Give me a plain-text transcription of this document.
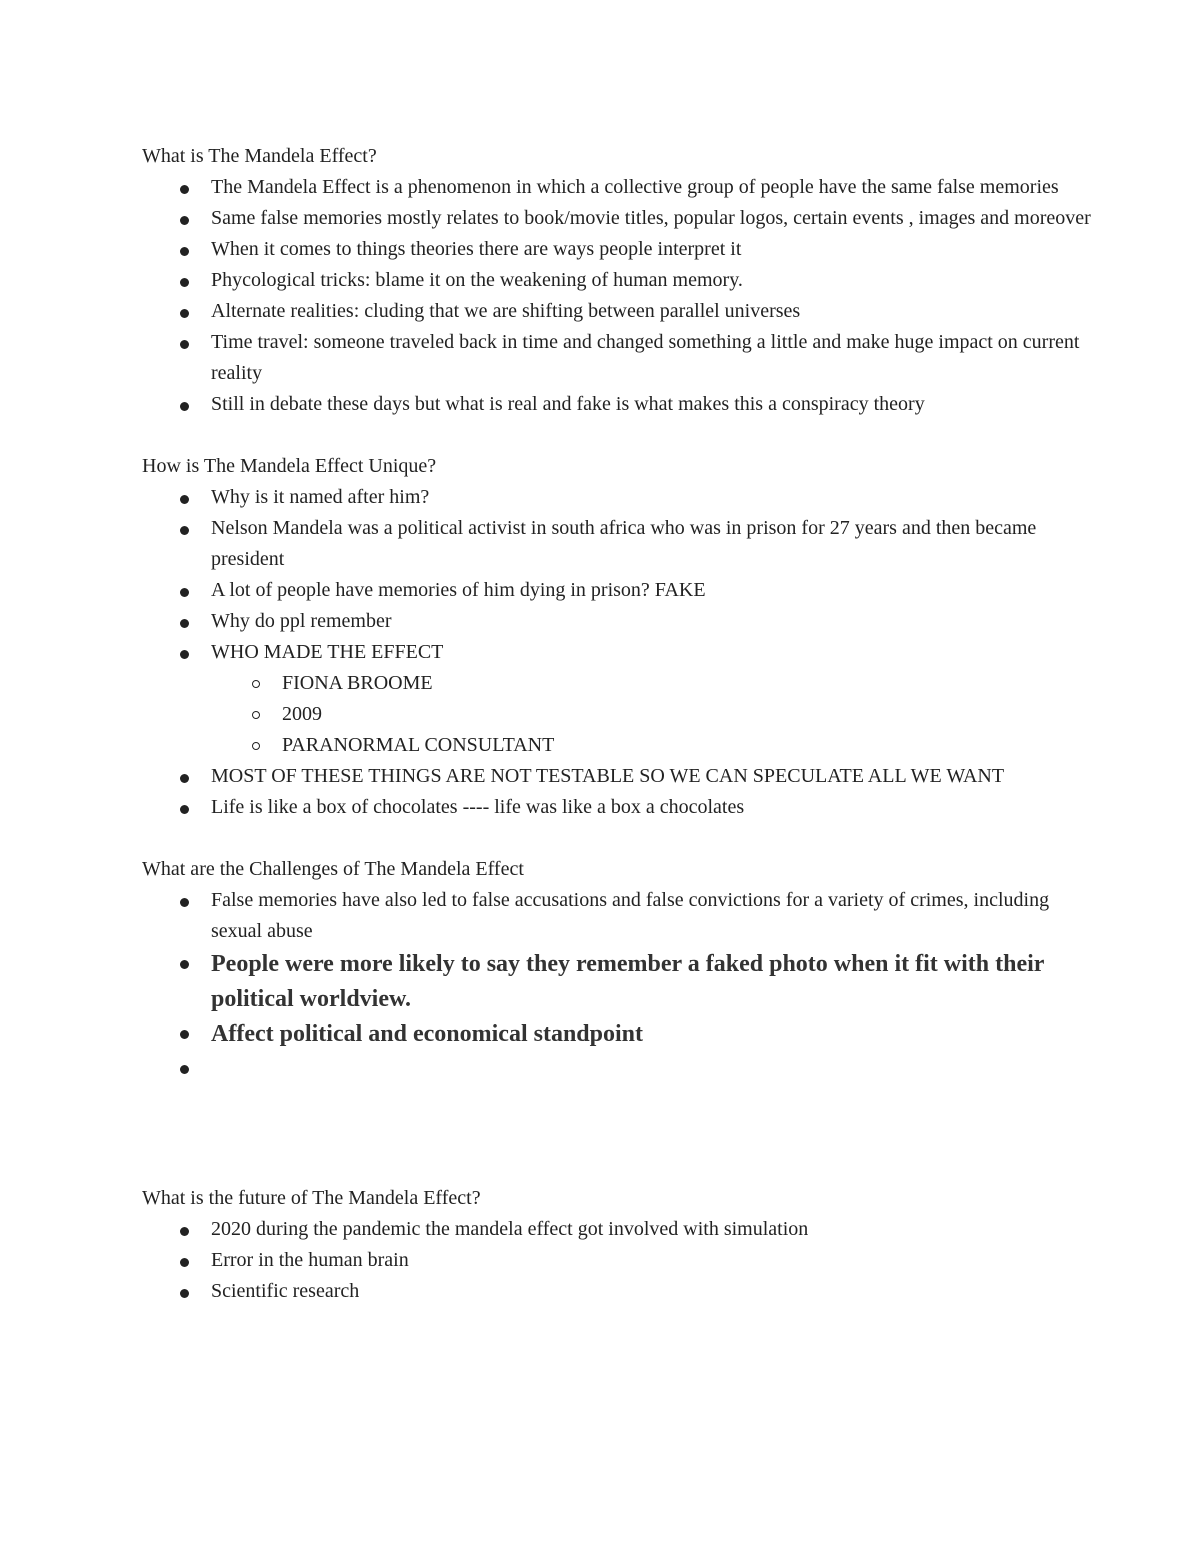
What is The Mandela Effect?

The Mandela Effect is a phenomenon in which a collective group of people have the same false memories
Same false memories mostly relates to book/movie titles, popular logos, certain events , images and moreover
When it comes to things theories there are ways people interpret it
Phycological tricks: blame it on the weakening of human memory.
Alternate realities: cluding that we are shifting between parallel universes
Time travel: someone traveled back in time and changed something a little and make huge impact on current reality
Still in debate these days but what is real and fake is what makes this a conspiracy theory

How is The Mandela Effect Unique?

Why is it named after him?
Nelson Mandela was a political activist in south africa who was in prison for 27 years and then became president
A lot of people have memories of him dying in prison? FAKE
Why do ppl remember
WHO MADE THE EFFECT
FIONA BROOME
2009
PARANORMAL CONSULTANT
MOST OF THESE THINGS ARE NOT TESTABLE SO WE CAN SPECULATE ALL WE WANT
Life is like a box of chocolates ---- life was like a box a chocolates

What are the Challenges of The Mandela Effect

False memories have also led to false accusations and false convictions for a variety of crimes, including sexual abuse
People were more likely to say they remember a faked photo when it fit with their political worldview.
Affect political and economical standpoint

What is the future of The Mandela Effect?

2020 during the pandemic the mandela effect got involved with simulation
Error in the human brain
Scientific research
